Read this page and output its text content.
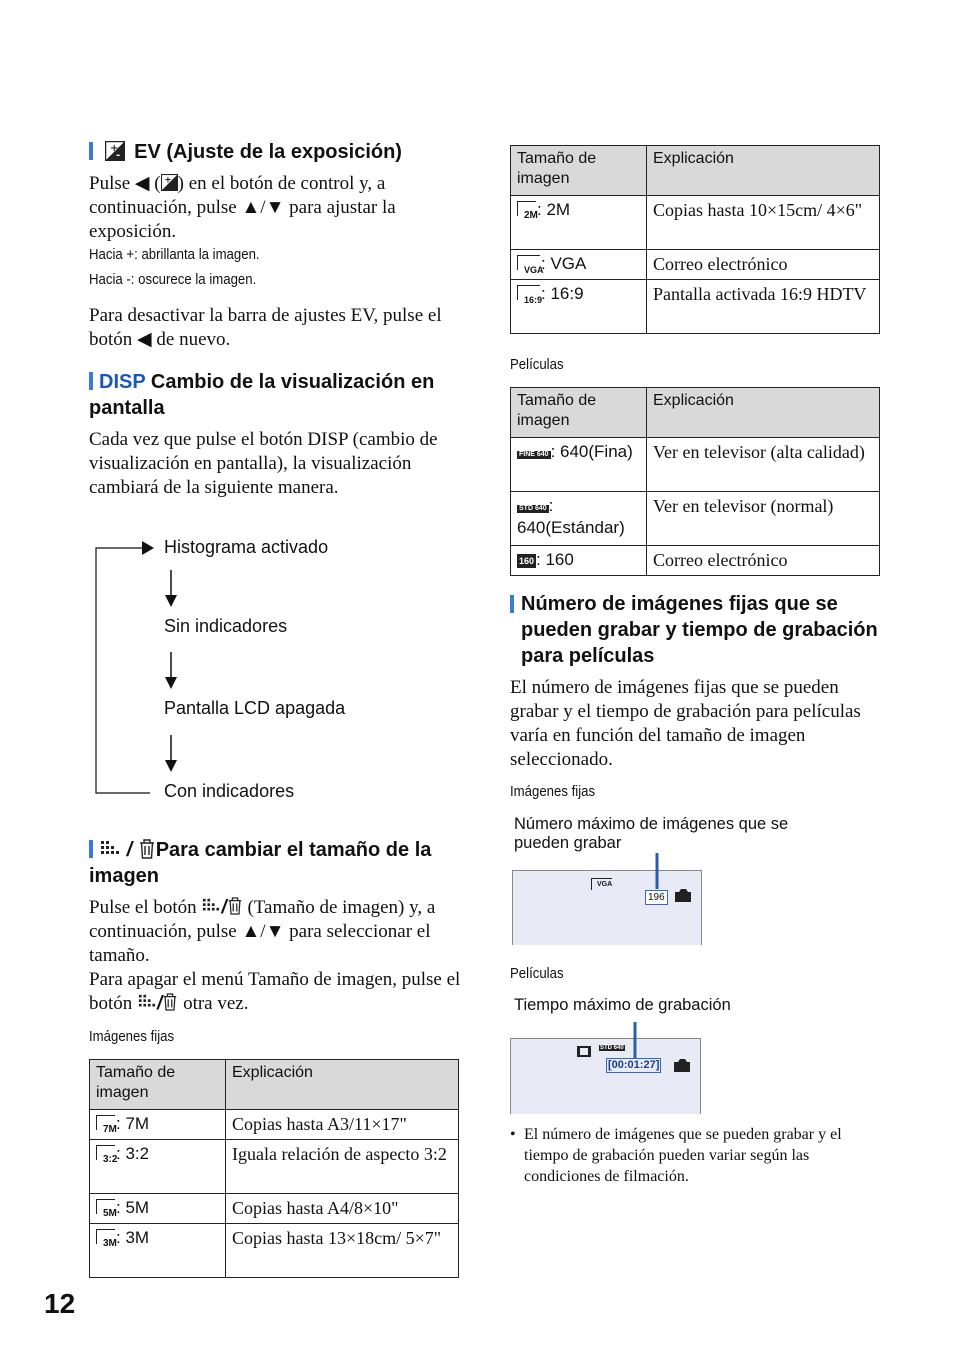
+
- EV (Ajuste de la exposición)
Pulse ◀ ( + ) en el botón de control y, a continuación, pulse ▲/▼ para ajustar la exposición.
Hacia +: abrillanta la imagen.
Hacia -: oscurece la imagen.
Para desactivar la barra de ajustes EV, pulse el botón ◀ de nuevo.
DISP Cambio de la visualización en pantalla
Cada vez que pulse el botón DISP (cambio de visualización en pantalla), la visualización cambiará de la siguiente manera.
Histograma activado
Sin indicadores
Pantalla LCD apagada
Con indicadores
/ Para cambiar el tamaño de la imagen
Pulse el botón / (Tamaño de imagen) y, a continuación, pulse ▲/▼ para seleccionar el tamaño.
Para apagar el menú Tamaño de imagen, pulse el botón / otra vez.
Imágenes fijas
Tamaño de imagen	Explicación

7M : 7M	Copias hasta A3/11×17"

3:2
: 3:2	Iguala relación de aspecto 3:2

5M : 5M	Copias hasta A4/8×10"

3M : 3M	Copias hasta 13×18cm/ 5×7"
12
Tamaño de imagen	Explicación

2M : 2M	Copias hasta 10×15cm/ 4×6"

VGA
: VGA	Correo electrónico

16:9
: 16:9	Pantalla activada 16:9 HDTV
Películas
Tamaño de imagen	Explicación
FINE 640 : 640(Fina)	Ver en televisor (alta calidad)
STD 640 : 640(Estándar)	Ver en televisor (normal)
160 : 160	Correo electrónico
Número de imágenes fijas que se pueden grabar y tiempo de grabación para películas
El número de imágenes fijas que se pueden grabar y el tiempo de grabación para películas varía en función del tamaño de imagen seleccionado.
Imágenes fijas
Número máximo de imágenes que se pueden grabar
VGA
196
Películas
Tiempo máximo de grabación
STD 640
[00:01:27]
• El número de imágenes que se pueden grabar y el tiempo de grabación pueden variar según las condiciones de filmación.
